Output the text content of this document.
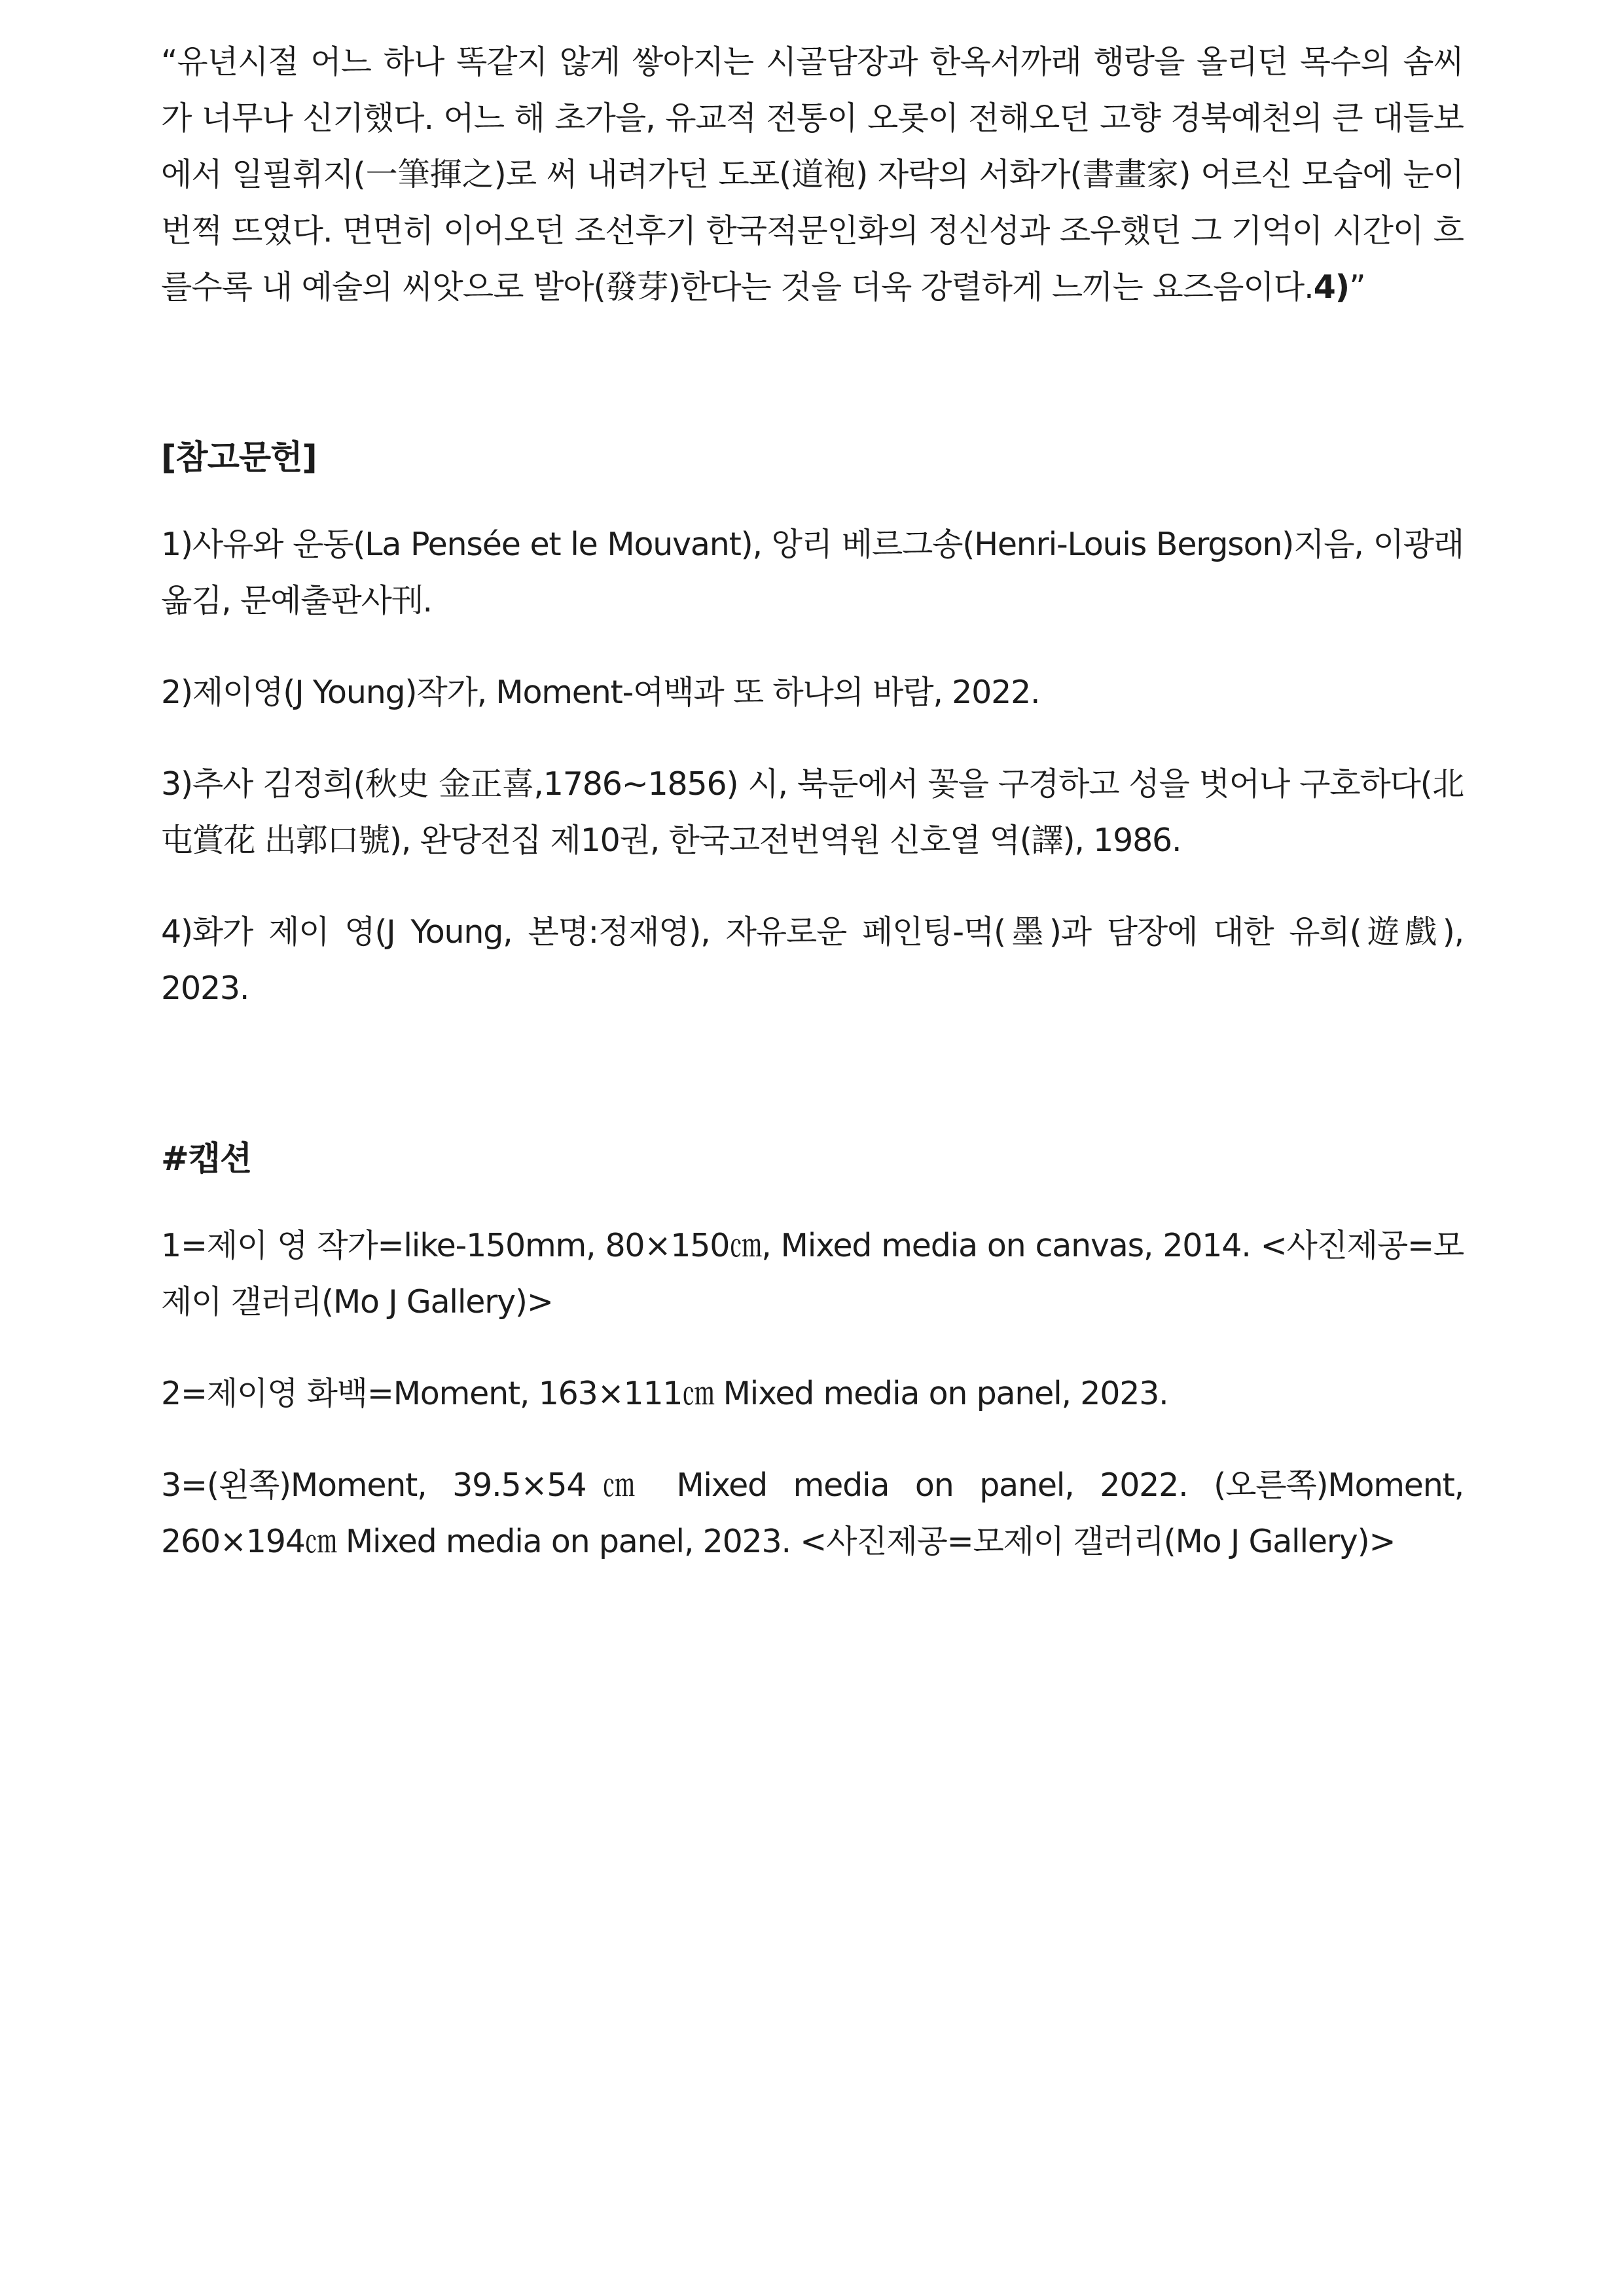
“유년시절 어느 하나 똑같지 않게 쌓아지는 시골담장과 한옥서까래 행랑을 올리던 목수의 솜씨가 너무나 신기했다. 어느 해 초가을, 유교적 전통이 오롯이 전해오던 고향 경북예천의 큰 대들보에서 일필휘지(一筆揮之)로 써 내려가던 도포(道袍) 자락의 서화가(書畫家) 어르신 모습에 눈이 번쩍 뜨였다. 면면히 이어오던 조선후기 한국적문인화의 정신성과 조우했던 그 기억이 시간이 흐를수록 내 예술의 씨앗으로 발아(發芽)한다는 것을 더욱 강렬하게 느끼는 요즈음이다.4)”

[참고문헌]

1)사유와 운동(La Pensée et le Mouvant), 앙리 베르그송(Henri-Louis Bergson)지음, 이광래 옮김, 문예출판사刊.

2)제이영(J Young)작가, Moment-여백과 또 하나의 바람, 2022.

3)추사 김정희(秋史 金正喜,1786~1856) 시, 북둔에서 꽃을 구경하고 성을 벗어나 구호하다(北屯賞花 出郭口號), 완당전집 제10권, 한국고전번역원 신호열 역(譯), 1986.

4)화가 제이 영(J Young, 본명:정재영), 자유로운 페인팅-먹(墨)과 담장에 대한 유희(遊戲), 2023.

#캡션

1=제이 영 작가=like-150mm, 80×150㎝, Mixed media on canvas, 2014. <사진제공=모제이 갤러리(Mo J Gallery)>

2=제이영 화백=Moment, 163×111㎝ Mixed media on panel, 2023.

3=(왼쪽)Moment, 39.5×54㎝ Mixed media on panel, 2022. (오른쪽)Moment, 260×194㎝ Mixed media on panel, 2023. <사진제공=모제이 갤러리(Mo J Gallery)>
